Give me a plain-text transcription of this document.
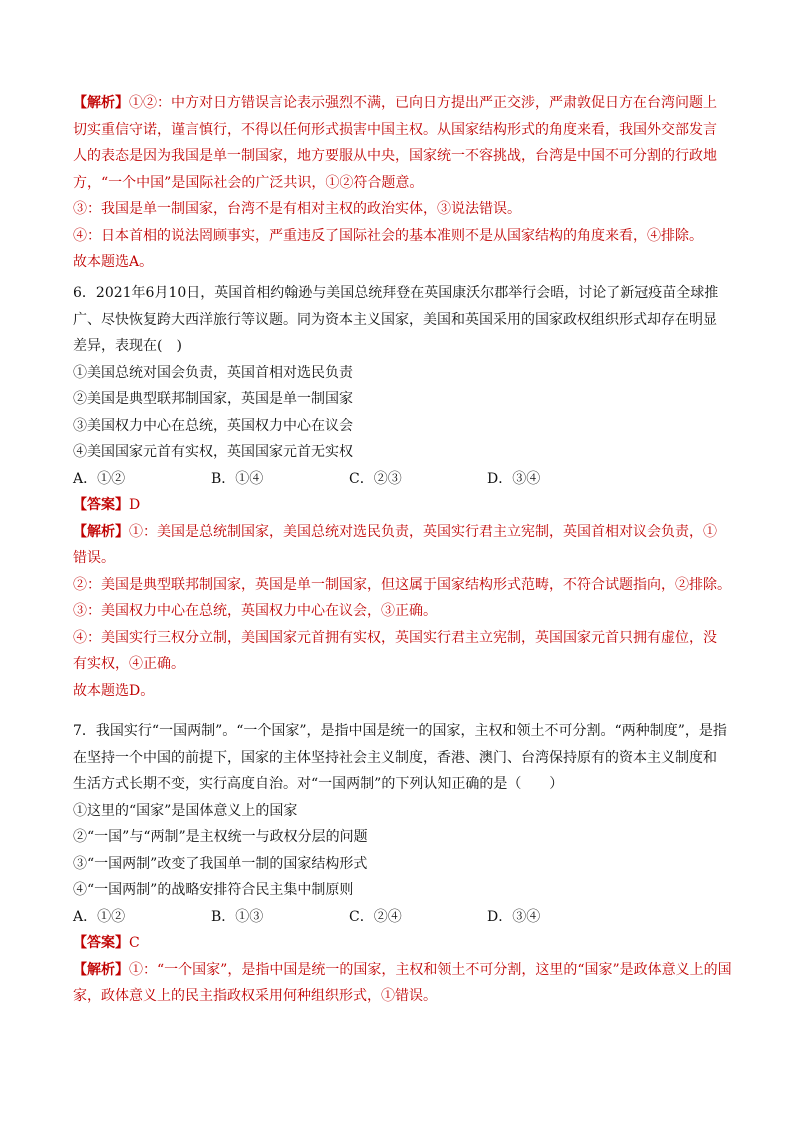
【解析】①②：中方对日方错误言论表示强烈不满，已向日方提出严正交涉，严肃敦促日方在台湾问题上
切实重信守诺，谨言慎行，不得以任何形式损害中国主权。从国家结构形式的角度来看，我国外交部发言
人的表态是因为我国是单一制国家，地方要服从中央，国家统一不容挑战，台湾是中国不可分割的行政地
方，“一个中国”是国际社会的广泛共识，①②符合题意。
③：我国是单一制国家，台湾不是有相对主权的政治实体，③说法错误。
④：日本首相的说法罔顾事实，严重违反了国际社会的基本准则不是从国家结构的角度来看，④排除。
故本题选A。
6．2021年6月10日，英国首相约翰逊与美国总统拜登在英国康沃尔郡举行会晤，讨论了新冠疫苗全球推
广、尽快恢复跨大西洋旅行等议题。同为资本主义国家，美国和英国采用的国家政权组织形式却存在明显
差异，表现在(　)
①美国总统对国会负责，英国首相对选民负责
②美国是典型联邦制国家，英国是单一制国家
③美国权力中心在总统，英国权力中心在议会
④美国国家元首有实权，英国国家元首无实权
A．①②	B．①④	C．②③	D．③④
【答案】D
【解析】①：美国是总统制国家，美国总统对选民负责，英国实行君主立宪制，英国首相对议会负责，①
错误。
②：美国是典型联邦制国家，英国是单一制国家，但这属于国家结构形式范畴，不符合试题指向，②排除。
③：美国权力中心在总统，英国权力中心在议会，③正确。
④：美国实行三权分立制，美国国家元首拥有实权，英国实行君主立宪制，英国国家元首只拥有虚位，没
有实权，④正确。
故本题选D。
7．我国实行“一国两制”。“一个国家”，是指中国是统一的国家，主权和领土不可分割。“两种制度”，是指
在坚持一个中国的前提下，国家的主体坚持社会主义制度，香港、澳门、台湾保持原有的资本主义制度和
生活方式长期不变，实行高度自治。对“一国两制”的下列认知正确的是（　　）
①这里的“国家”是国体意义上的国家
②“一国”与“两制”是主权统一与政权分层的问题
③“一国两制”改变了我国单一制的国家结构形式
④“一国两制”的战略安排符合民主集中制原则
A．①②	B．①③	C．②④	D．③④
【答案】C
【解析】①：“一个国家”，是指中国是统一的国家，主权和领土不可分割，这里的“国家”是政体意义上的国
家，政体意义上的民主指政权采用何种组织形式，①错误。
